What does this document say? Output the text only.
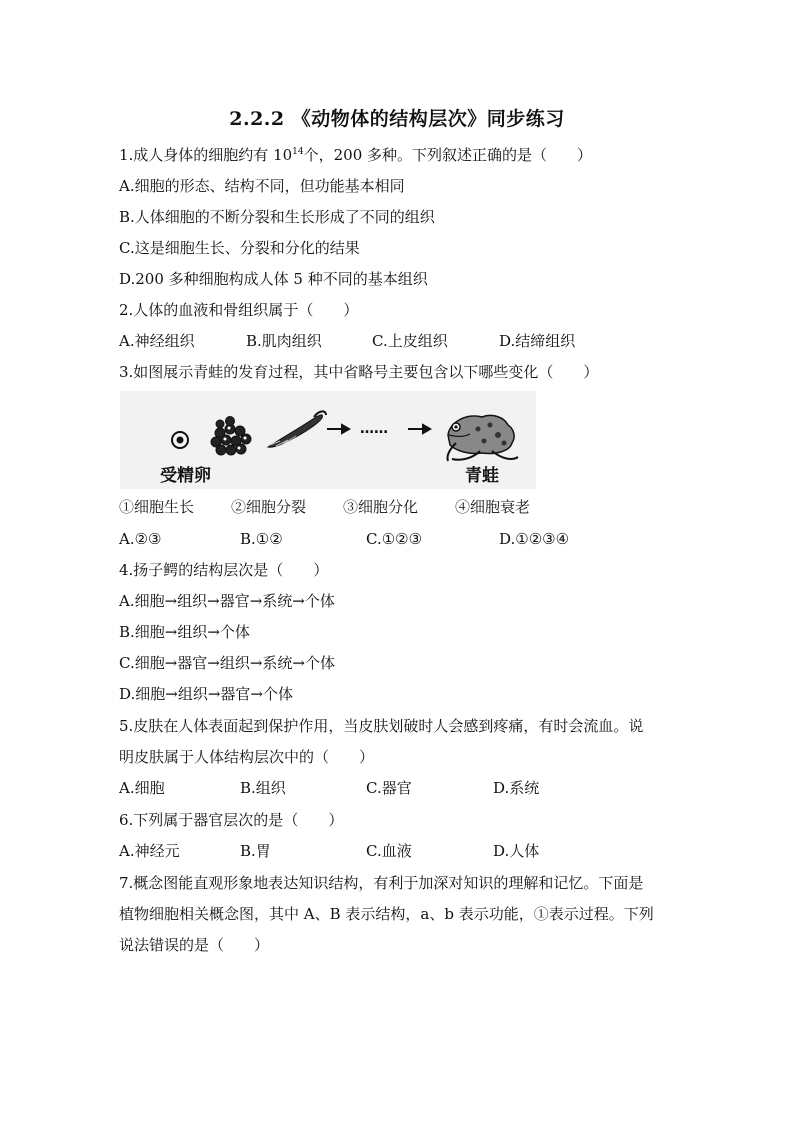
2.2.2 《动物体的结构层次》同步练习
1.成人身体的细胞约有 $10^{14}$个，200 多种。下列叙述正确的是（　　）
A.细胞的形态、结构不同，但功能基本相同
B.人体细胞的不断分裂和生长形成了不同的组织
C.这是细胞生长、分裂和分化的结果
D.200 多种细胞构成人体 5 种不同的基本组织
2.人体的血液和骨组织属于（　　）
A.神经组织	B.肌肉组织	C.上皮组织	D.结缔组织
3.如图展示青蛙的发育过程，其中省略号主要包含以下哪些变化（　　）
……
受精卵	青蛙
①细胞生长 ②细胞分裂 ③细胞分化 ④细胞衰老
A.②③	B.①②	C.①②③	D.①②③④
4.扬子鳄的结构层次是（　　）
A.细胞→组织→器官→系统→个体
B.细胞→组织→个体
C.细胞→器官→组织→系统→个体
D.细胞→组织→器官→个体
5.皮肤在人体表面起到保护作用，当皮肤划破时人会感到疼痛，有时会流血。说
明皮肤属于人体结构层次中的（　　）
A.细胞	B.组织	C.器官	D.系统
6.下列属于器官层次的是（　　）
A.神经元	B.胃	C.血液	D.人体
7.概念图能直观形象地表达知识结构，有利于加深对知识的理解和记忆。下面是
植物细胞相关概念图，其中 A、B 表示结构，a、b 表示功能，①表示过程。下列
说法错误的是（　　）
